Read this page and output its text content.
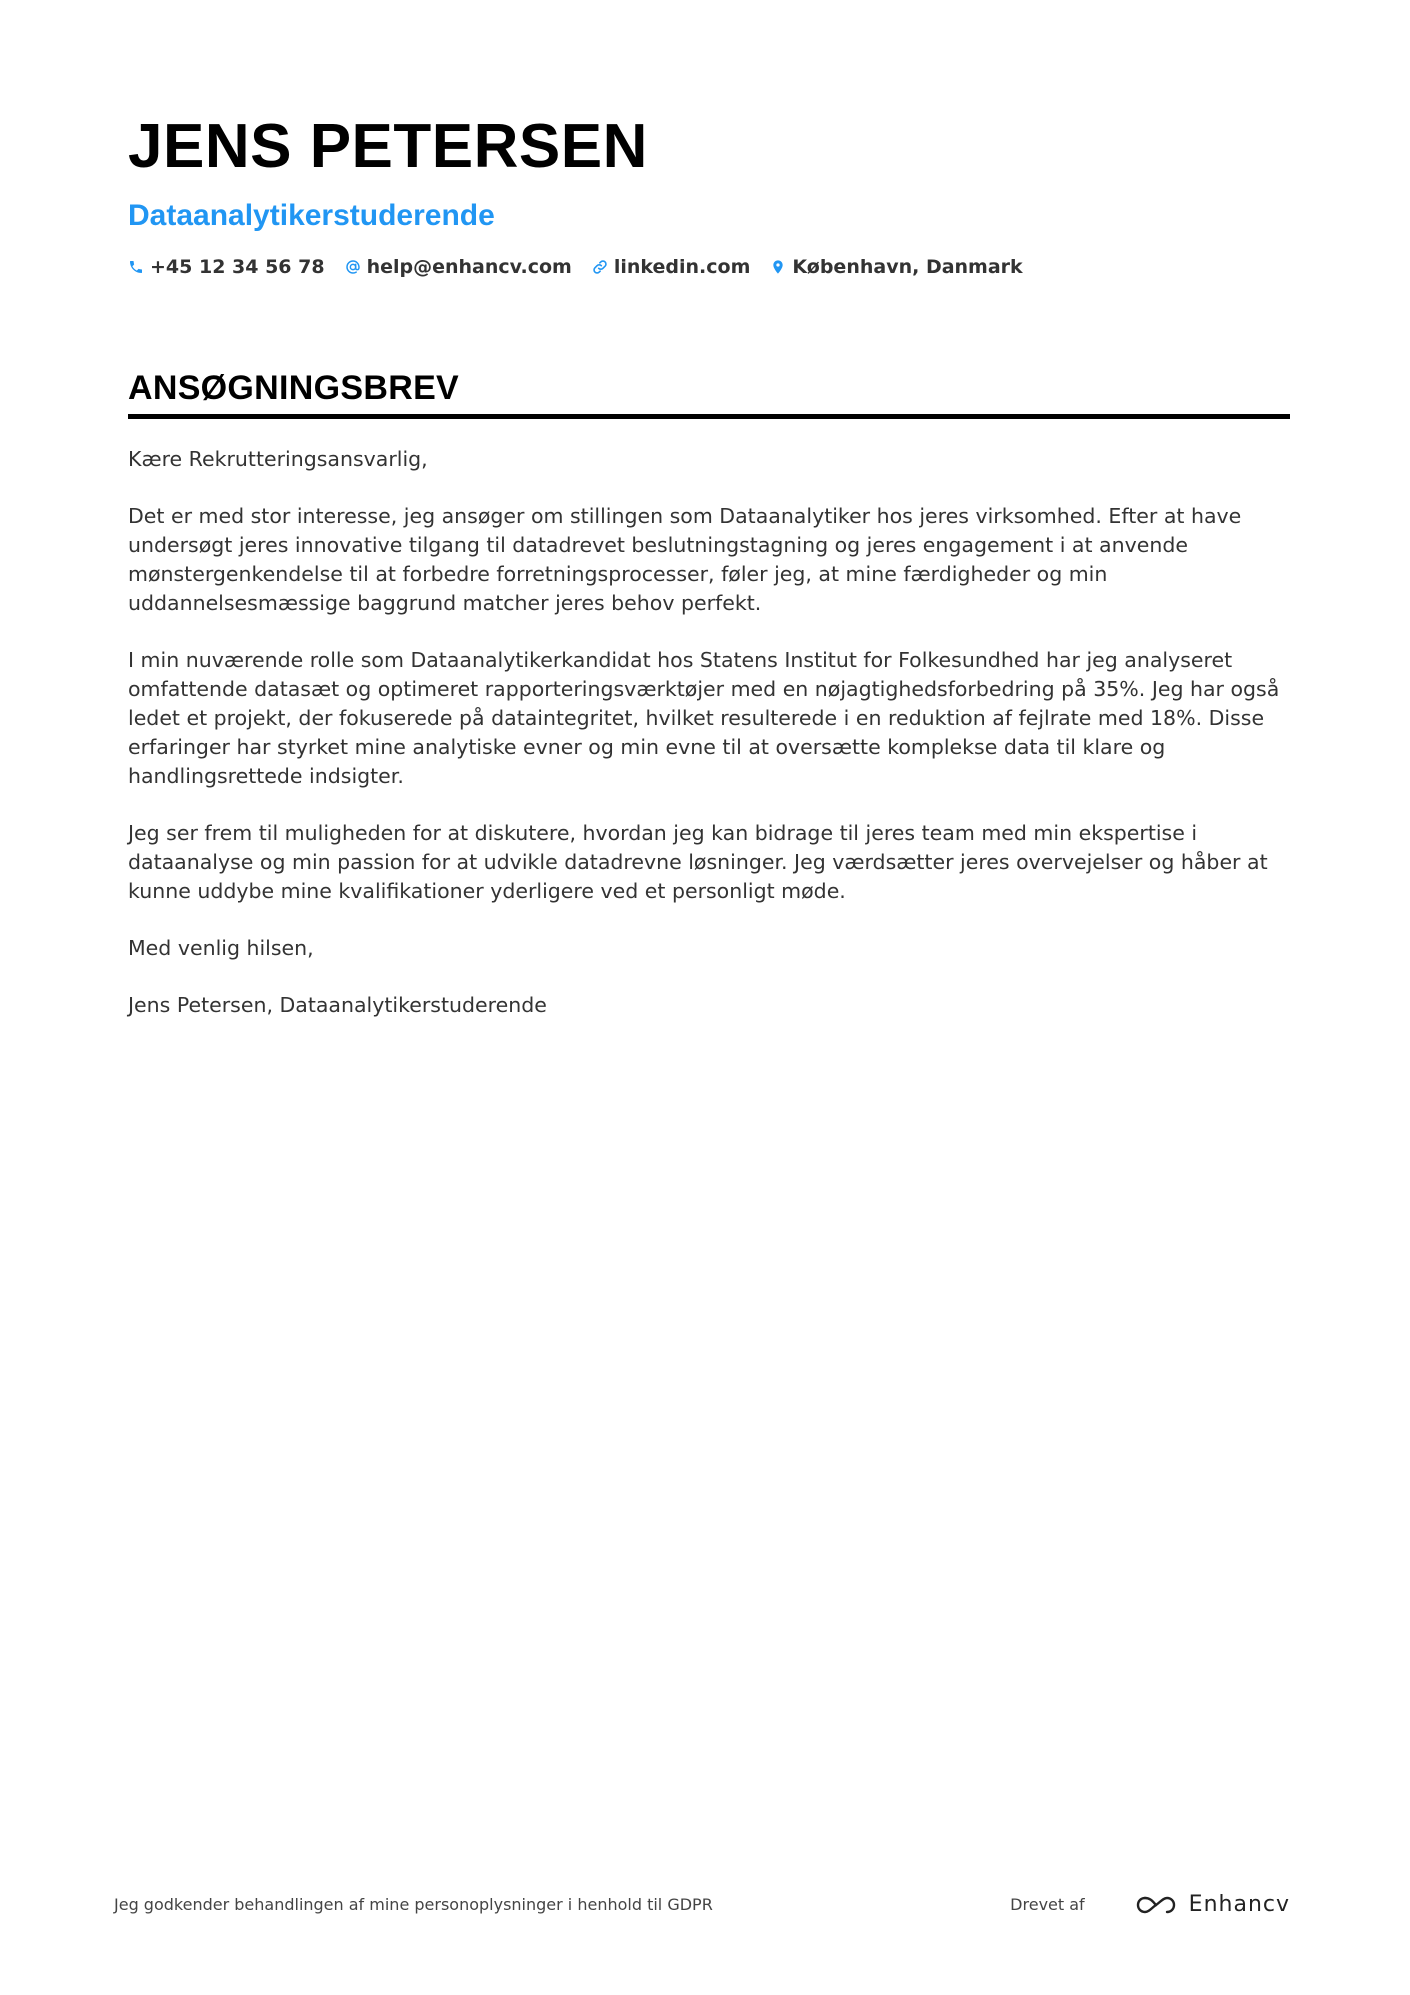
JENS PETERSEN
Dataanalytikerstuderende
+45 12 34 56 78 help@enhancv.com linkedin.com København, Danmark
ANSØGNINGSBREV

Kære Rekrutteringsansvarlig,

Det er med stor interesse, jeg ansøger om stillingen som Dataanalytiker hos jeres virksomhed. Efter at have undersøgt jeres innovative tilgang til datadrevet beslutningstagning og jeres engagement i at anvende mønstergenkendelse til at forbedre forretningsprocesser, føler jeg, at mine færdigheder og min uddannelsesmæssige baggrund matcher jeres behov perfekt.

I min nuværende rolle som Dataanalytikerkandidat hos Statens Institut for Folkesundhed har jeg analyseret omfattende datasæt og optimeret rapporteringsværktøjer med en nøjagtighedsforbedring på 35%. Jeg har også ledet et projekt, der fokuserede på dataintegritet, hvilket resulterede i en reduktion af fejlrate med 18%. Disse erfaringer har styrket mine analytiske evner og min evne til at oversætte komplekse data til klare og handlingsrettede indsigter.

Jeg ser frem til muligheden for at diskutere, hvordan jeg kan bidrage til jeres team med min ekspertise i dataanalyse og min passion for at udvikle datadrevne løsninger. Jeg værdsætter jeres overvejelser og håber at kunne uddybe mine kvalifikationer yderligere ved et personligt møde.

Med venlig hilsen,

Jens Petersen, Dataanalytikerstuderende

Jeg godkender behandlingen af mine personoplysninger i henhold til GDPR	Drevet af	Enhancv
